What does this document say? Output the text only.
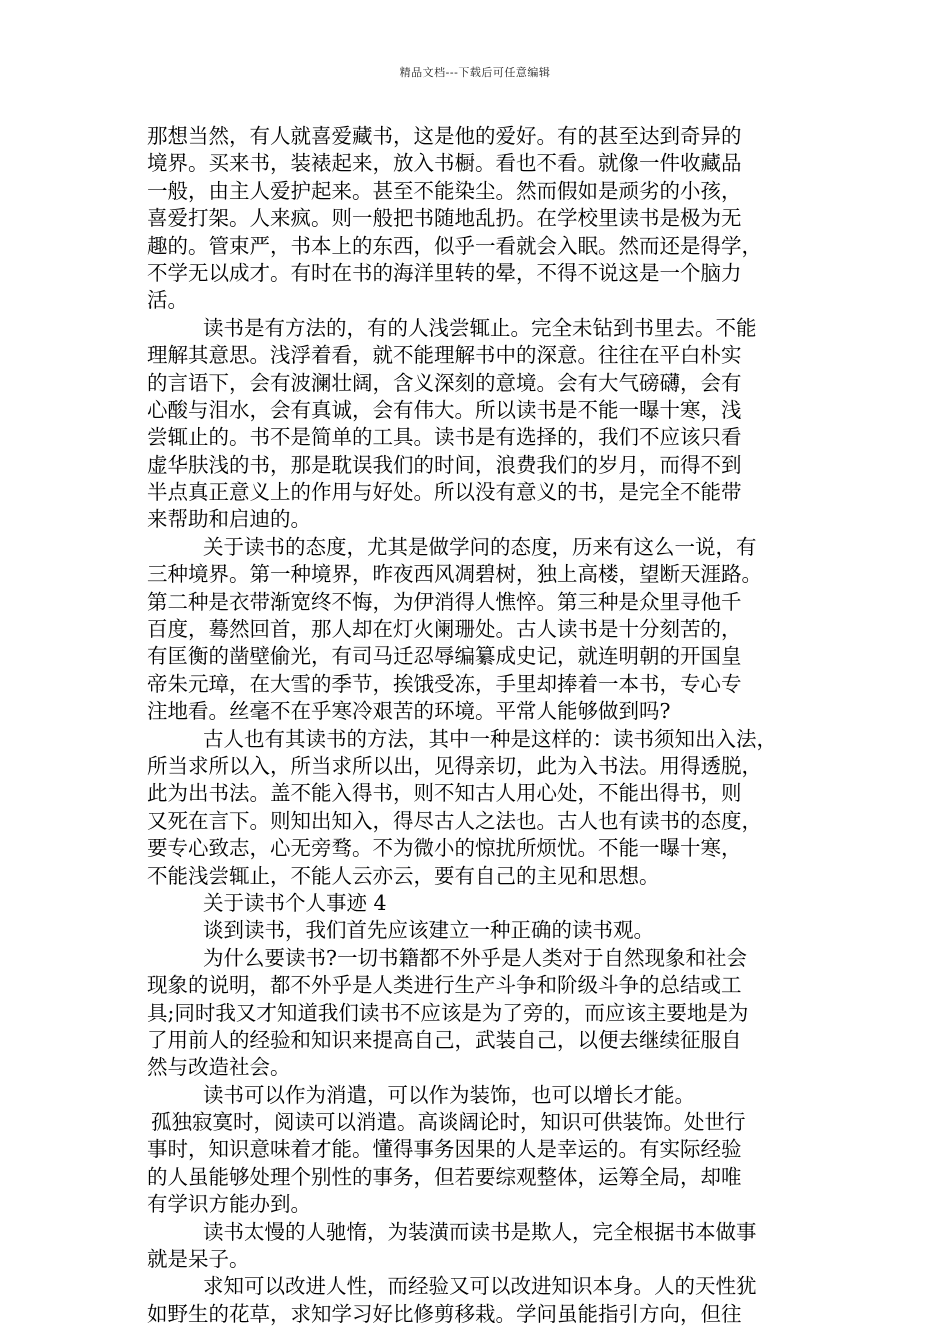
精品文档---下载后可任意编辑
那想当然，有人就喜爱藏书，这是他的爱好。有的甚至达到奇异的
境界。买来书，装裱起来，放入书橱。看也不看。就像一件收藏品
一般，由主人爱护起来。甚至不能染尘。然而假如是顽劣的小孩，
喜爱打架。人来疯。则一般把书随地乱扔。在学校里读书是极为无
趣的。管束严，书本上的东西，似乎一看就会入眠。然而还是得学，
不学无以成才。有时在书的海洋里转的晕，不得不说这是一个脑力
活。
读书是有方法的，有的人浅尝辄止。完全未钻到书里去。不能
理解其意思。浅浮着看，就不能理解书中的深意。往往在平白朴实
的言语下，会有波澜壮阔，含义深刻的意境。会有大气磅礴，会有
心酸与泪水，会有真诚，会有伟大。所以读书是不能一曝十寒，浅
尝辄止的。书不是简单的工具。读书是有选择的，我们不应该只看
虚华肤浅的书，那是耽误我们的时间，浪费我们的岁月，而得不到
半点真正意义上的作用与好处。所以没有意义的书，是完全不能带
来帮助和启迪的。
关于读书的态度，尤其是做学问的态度，历来有这么一说，有
三种境界。第一种境界，昨夜西风凋碧树，独上高楼，望断天涯路。
第二种是衣带渐宽终不悔，为伊消得人憔悴。第三种是众里寻他千
百度，蓦然回首，那人却在灯火阑珊处。古人读书是十分刻苦的，
有匡衡的凿壁偷光，有司马迁忍辱编纂成史记，就连明朝的开国皇
帝朱元璋，在大雪的季节，挨饿受冻，手里却捧着一本书，专心专
注地看。丝毫不在乎寒冷艰苦的环境。平常人能够做到吗?
古人也有其读书的方法，其中一种是这样的：读书须知出入法，
所当求所以入，所当求所以出，见得亲切，此为入书法。用得透脱，
此为出书法。盖不能入得书，则不知古人用心处，不能出得书，则
又死在言下。则知出知入，得尽古人之法也。古人也有读书的态度，
要专心致志，心无旁骛。不为微小的惊扰所烦忧。不能一曝十寒，
不能浅尝辄止，不能人云亦云，要有自己的主见和思想。
关于读书个人事迹 4
谈到读书，我们首先应该建立一种正确的读书观。
为什么要读书?一切书籍都不外乎是人类对于自然现象和社会
现象的说明，都不外乎是人类进行生产斗争和阶级斗争的总结或工
具;同时我又才知道我们读书不应该是为了旁的，而应该主要地是为
了用前人的经验和知识来提高自己，武装自己，以便去继续征服自
然与改造社会。
读书可以作为消遣，可以作为装饰，也可以增长才能。
孤独寂寞时，阅读可以消遣。高谈阔论时，知识可供装饰。处世行
事时，知识意味着才能。懂得事务因果的人是幸运的。有实际经验
的人虽能够处理个别性的事务，但若要综观整体，运筹全局，却唯
有学识方能办到。
读书太慢的人驰惰，为装潢而读书是欺人，完全根据书本做事
就是呆子。
求知可以改进人性，而经验又可以改进知识本身。人的天性犹
如野生的花草，求知学习好比修剪移栽。学问虽能指引方向，但往
